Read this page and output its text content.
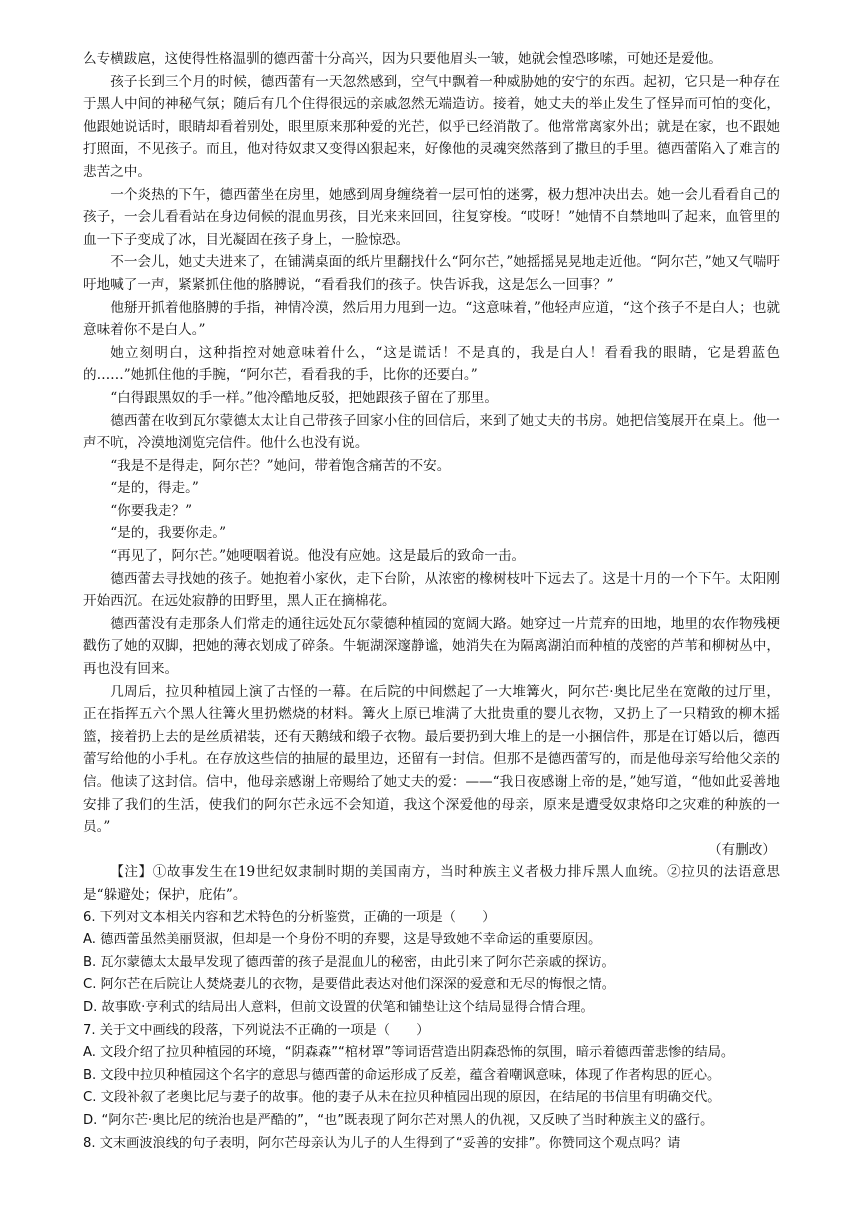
么专横跋扈，这使得性格温驯的德西蕾十分高兴，因为只要他眉头一皱，她就会惶恐哆嗦，可她还是爱他。

孩子长到三个月的时候，德西蕾有一天忽然感到，空气中飘着一种威胁她的安宁的东西。起初，它只是一种存在于黑人中间的神秘气氛；随后有几个住得很远的亲戚忽然无端造访。接着，她丈夫的举止发生了怪异而可怕的变化，他跟她说话时，眼睛却看着别处，眼里原来那种爱的光芒，似乎已经消散了。他常常离家外出；就是在家，也不跟她打照面，不见孩子。而且，他对待奴隶又变得凶狠起来，好像他的灵魂突然落到了撒旦的手里。德西蕾陷入了难言的悲苦之中。

一个炎热的下午，德西蕾坐在房里，她感到周身缠绕着一层可怕的迷雾，极力想冲决出去。她一会儿看看自己的孩子，一会儿看看站在身边伺候的混血男孩，目光来来回回，往复穿梭。“哎呀！”她情不自禁地叫了起来，血管里的血一下子变成了冰，目光凝固在孩子身上，一脸惊恐。

不一会儿，她丈夫进来了，在铺满桌面的纸片里翻找什么“阿尔芒，”她摇摇晃晃地走近他。“阿尔芒，”她又气喘吁吁地喊了一声，紧紧抓住他的胳膊说，“看看我们的孩子。快告诉我，这是怎么一回事？”

他掰开抓着他胳膊的手指，神情冷漠，然后用力甩到一边。“这意味着，”他轻声应道，“这个孩子不是白人；也就意味着你不是白人。”

她立刻明白，这种指控对她意味着什么，“这是谎话！不是真的，我是白人！看看我的眼睛，它是碧蓝色的……”她抓住他的手腕，“阿尔芒，看看我的手，比你的还要白。”

“白得跟黑奴的手一样。”他冷酷地反驳，把她跟孩子留在了那里。

德西蕾在收到瓦尔蒙德太太让自己带孩子回家小住的回信后，来到了她丈夫的书房。她把信笺展开在桌上。他一声不吭，冷漠地浏览完信件。他什么也没有说。

“我是不是得走，阿尔芒？”她问，带着饱含痛苦的不安。

“是的，得走。”

“你要我走？”

“是的，我要你走。”

“再见了，阿尔芒。”她哽咽着说。他没有应她。这是最后的致命一击。

德西蕾去寻找她的孩子。她抱着小家伙，走下台阶，从浓密的橡树枝叶下远去了。这是十月的一个下午。太阳刚开始西沉。在远处寂静的田野里，黑人正在摘棉花。

德西蕾没有走那条人们常走的通往远处瓦尔蒙德种植园的宽阔大路。她穿过一片荒弃的田地，地里的农作物残梗戳伤了她的双脚，把她的薄衣划成了碎条。牛轭湖深邃静谧，她消失在为隔离湖泊而种植的茂密的芦苇和柳树丛中，再也没有回来。

几周后，拉贝种植园上演了古怪的一幕。在后院的中间燃起了一大堆篝火，阿尔芒·奥比尼坐在宽敞的过厅里，正在指挥五六个黑人往篝火里扔燃烧的材料。篝火上原已堆满了大批贵重的婴儿衣物，又扔上了一只精致的柳木摇篮，接着扔上去的是丝质裙装，还有天鹅绒和缎子衣物。最后要扔到大堆上的是一小捆信件，那是在订婚以后，德西蕾写给他的小手札。在存放这些信的抽屉的最里边，还留有一封信。但那不是德西蕾写的，而是他母亲写给他父亲的信。他读了这封信。信中，他母亲感谢上帝赐给了她丈夫的爱：——“我日夜感谢上帝的是，”她写道，“他如此妥善地安排了我们的生活，使我们的阿尔芒永远不会知道，我这个深爱他的母亲，原来是遭受奴隶烙印之灾难的种族的一员。”

（有删改）

【注】①故事发生在19世纪奴隶制时期的美国南方，当时种族主义者极力排斥黑人血统。②拉贝的法语意思是“躲避处；保护，庇佑”。

6. 下列对文本相关内容和艺术特色的分析鉴赏，正确的一项是（　　）

A. 德西蕾虽然美丽贤淑，但却是一个身份不明的弃婴，这是导致她不幸命运的重要原因。

B. 瓦尔蒙德太太最早发现了德西蕾的孩子是混血儿的秘密，由此引来了阿尔芒亲戚的探访。

C. 阿尔芒在后院让人焚烧妻儿的衣物，是要借此表达对他们深深的爱意和无尽的悔恨之情。

D. 故事欧·亨利式的结局出人意料，但前文设置的伏笔和铺垫让这个结局显得合情合理。

7. 关于文中画线的段落，下列说法不正确的一项是（　　）

A. 文段介绍了拉贝种植园的环境，“阴森森”“棺材罩”等词语营造出阴森恐怖的氛围，暗示着德西蕾悲惨的结局。

B. 文段中拉贝种植园这个名字的意思与德西蕾的命运形成了反差，蕴含着嘲讽意味，体现了作者构思的匠心。

C. 文段补叙了老奥比尼与妻子的故事。他的妻子从未在拉贝种植园出现的原因，在结尾的书信里有明确交代。

D. “阿尔芒·奥比尼的统治也是严酷的”，“也”既表现了阿尔芒对黑人的仇视，又反映了当时种族主义的盛行。

8. 文末画波浪线的句子表明，阿尔芒母亲认为儿子的人生得到了“妥善的安排”。你赞同这个观点吗？请
